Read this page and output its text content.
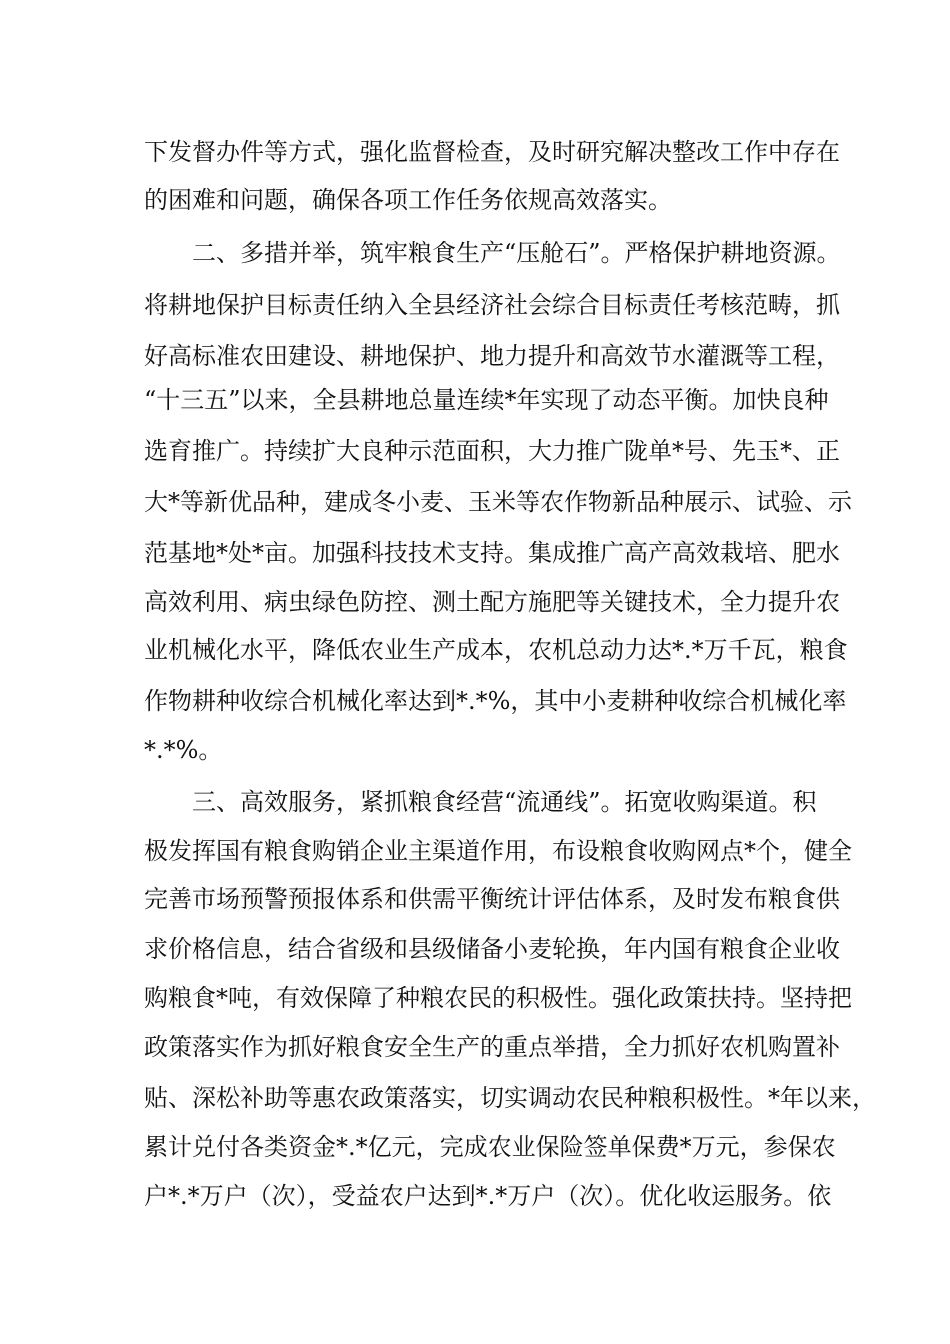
下发督办件等方式，强化监督检查，及时研究解决整改工作中存在
的困难和问题，确保各项工作任务依规高效落实。
二、多措并举，筑牢粮食生产“压舱石”。严格保护耕地资源。
将耕地保护目标责任纳入全县经济社会综合目标责任考核范畴，抓
好高标准农田建设、耕地保护、地力提升和高效节水灌溉等工程，
“十三五”以来，全县耕地总量连续*年实现了动态平衡。加快良种
选育推广。持续扩大良种示范面积，大力推广陇单*号、先玉*、正
大*等新优品种，建成冬小麦、玉米等农作物新品种展示、试验、示
范基地*处*亩。加强科技技术支持。集成推广高产高效栽培、肥水
高效利用、病虫绿色防控、测土配方施肥等关键技术，全力提升农
业机械化水平，降低农业生产成本，农机总动力达*.*万千瓦，粮食
作物耕种收综合机械化率达到*.*%，其中小麦耕种收综合机械化率
*.*%。
三、高效服务，紧抓粮食经营“流通线”。拓宽收购渠道。积
极发挥国有粮食购销企业主渠道作用，布设粮食收购网点*个，健全
完善市场预警预报体系和供需平衡统计评估体系，及时发布粮食供
求价格信息，结合省级和县级储备小麦轮换，年内国有粮食企业收
购粮食*吨，有效保障了种粮农民的积极性。强化政策扶持。坚持把
政策落实作为抓好粮食安全生产的重点举措，全力抓好农机购置补
贴、深松补助等惠农政策落实，切实调动农民种粮积极性。*年以来，
累计兑付各类资金*.*亿元，完成农业保险签单保费*万元，参保农
户*.*万户（次），受益农户达到*.*万户（次）。优化收运服务。依
